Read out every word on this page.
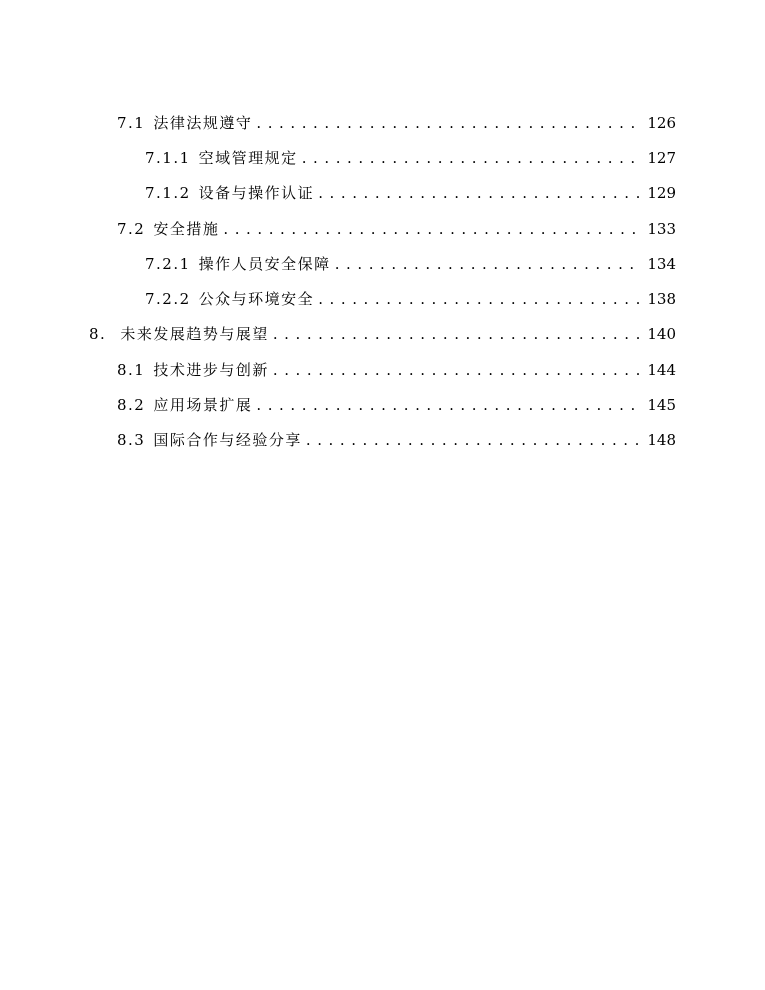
7.1 法律法规遵守 . . .	126
7.1.1 空域管理规定 . . .	127
7.1.2 设备与操作认证 . . .	129
7.2 安全措施 . . .	133
7.2.1 操作人员安全保障 . . .	134
7.2.2 公众与环境安全 . . .	138
8. 未来发展趋势与展望 . . .	140
8.1 技术进步与创新 . . .	144
8.2 应用场景扩展 . . .	145
8.3 国际合作与经验分享 . . .	148
